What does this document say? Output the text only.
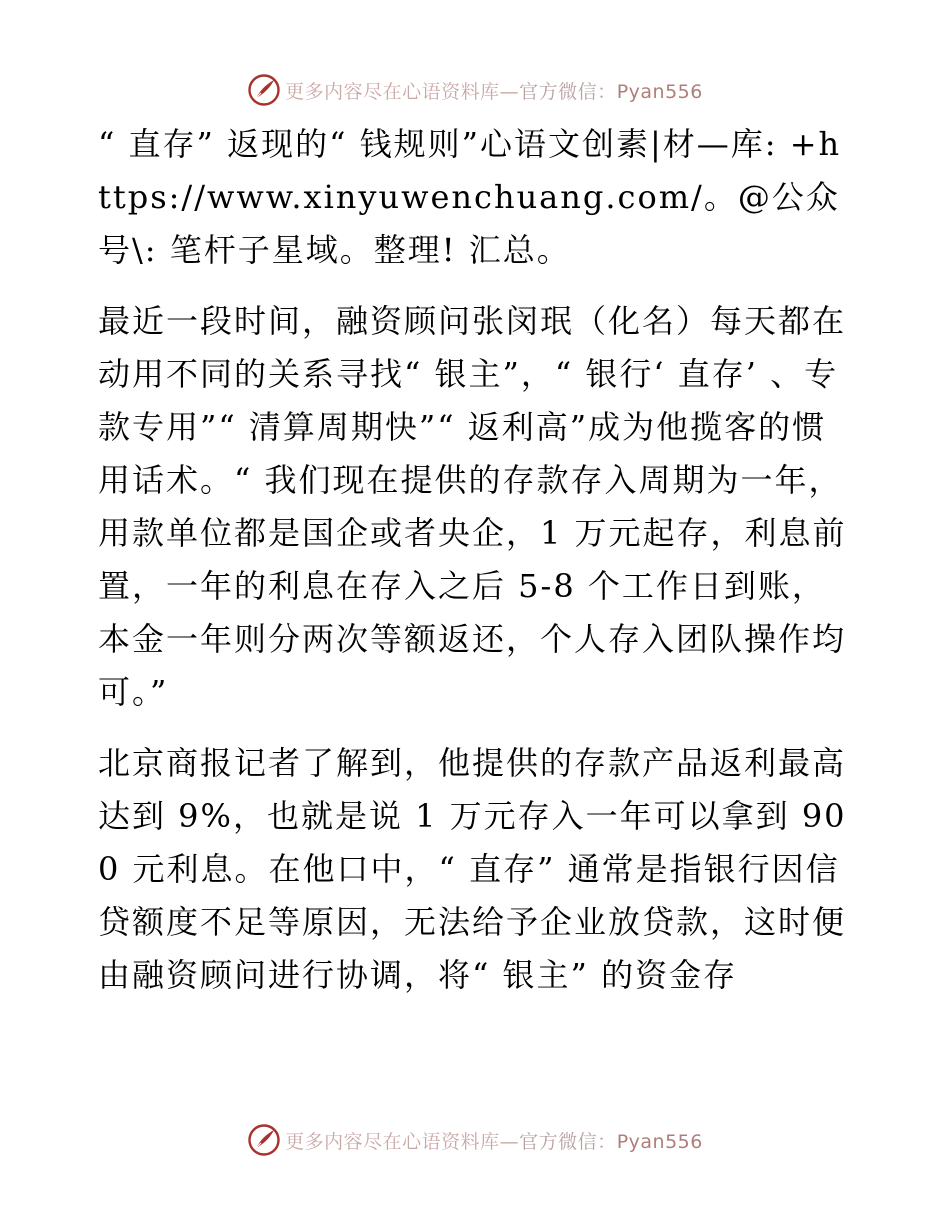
更多内容尽在心语资料库—官方微信：Pyan556

“ 直存” 返现的“ 钱规则”心语文创素|材—库: +https://www.xinyuwenchuang.com/。@公众号\: 笔杆子星域。整理! 汇总。

最近一段时间，融资顾问张闵珉（化名）每天都在动用不同的关系寻找“ 银主”，“ 银行‘ 直存’ 、专款专用”“ 清算周期快”“ 返利高”成为他揽客的惯用话术。“ 我们现在提供的存款存入周期为一年，用款单位都是国企或者央企，1 万元起存，利息前置，一年的利息在存入之后 5-8 个工作日到账，本金一年则分两次等额返还，个人存入团队操作均可。”

北京商报记者了解到，他提供的存款产品返利最高达到 9%，也就是说 1 万元存入一年可以拿到 900 元利息。在他口中，“ 直存” 通常是指银行因信贷额度不足等原因，无法给予企业放贷款，这时便由融资顾问进行协调，将“ 银主” 的资金存

更多内容尽在心语资料库—官方微信：Pyan556
